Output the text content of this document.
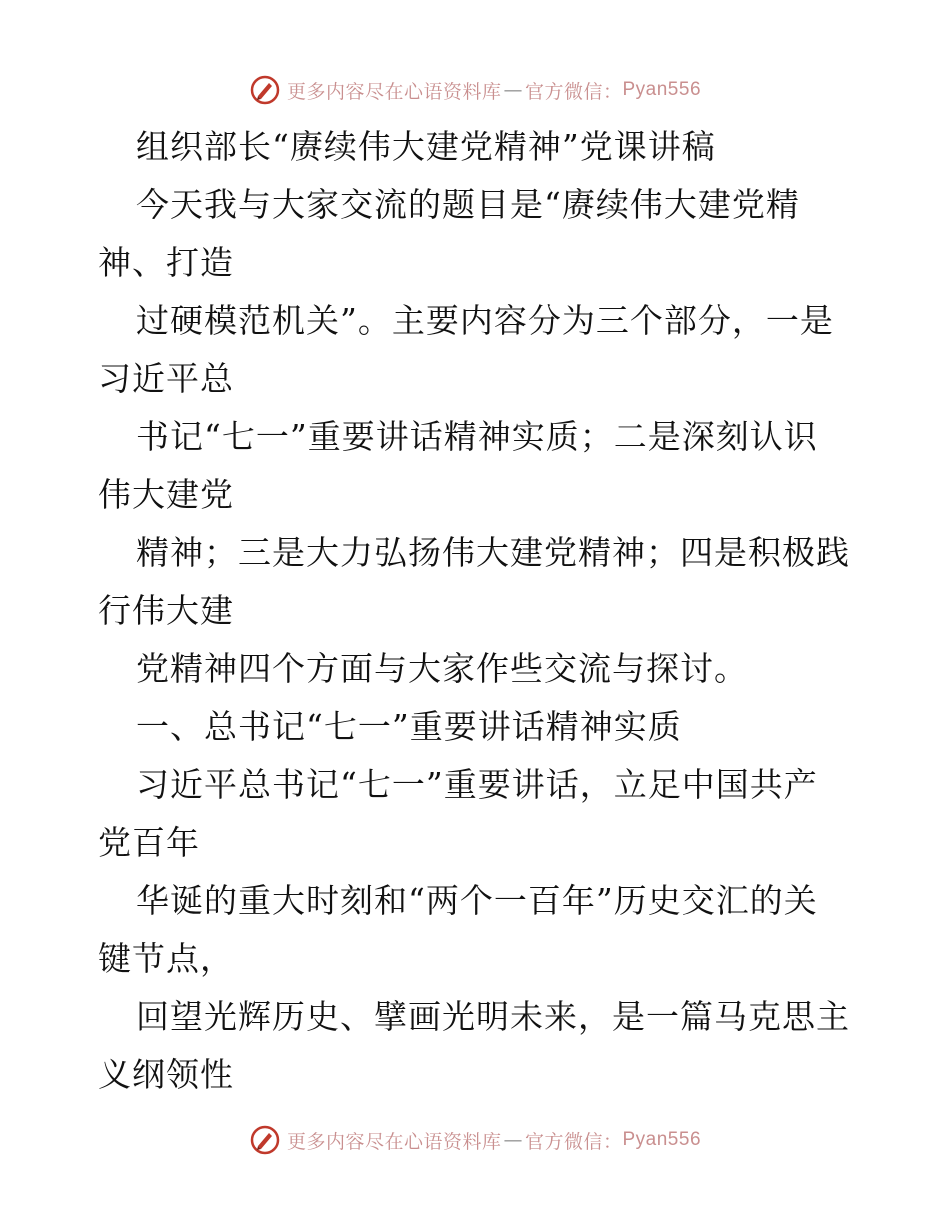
更多内容尽在心语资料库 — 官方微信： Pyan556
组织部长“赓续伟大建党精神”党课讲稿
今天我与大家交流的题目是“赓续伟大建党精
神、打造
过硬模范机关”。主要内容分为三个部分，一是
习近平总
书记“七一”重要讲话精神实质；二是深刻认识
伟大建党
精神；三是大力弘扬伟大建党精神；四是积极践
行伟大建
党精神四个方面与大家作些交流与探讨。
一、总书记“七一”重要讲话精神实质
习近平总书记“七一”重要讲话，立足中国共产
党百年
华诞的重大时刻和“两个一百年”历史交汇的关
键节点，
回望光辉历史、擘画光明未来，是一篇马克思主
义纲领性
更多内容尽在心语资料库 — 官方微信： Pyan556
